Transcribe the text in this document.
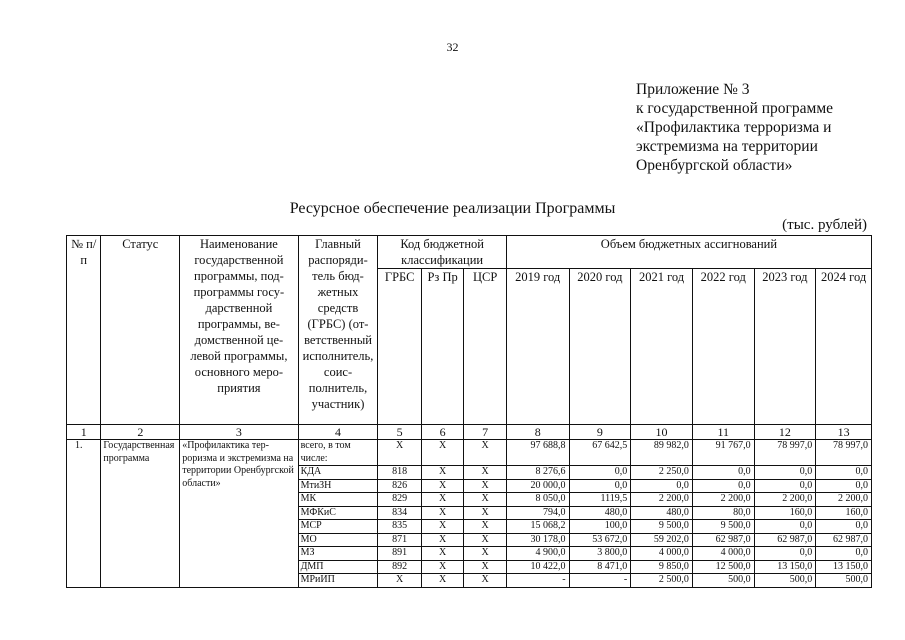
32
Приложение № 3
к государственной программе
«Профилактика терроризма и
экстремизма на территории
Оренбургской области»
Ресурсное обеспечение реализации Программы
(тыс. рублей)
№ п/п	Статус	Наименование государственной программы, подпрограммы государственной программы, ведомственной целевой программы, основного мероприятия	Главный распорядитель бюджетных средств (ГРБС) (ответственный исполнитель, соисполнитель, участник)	Код бюджетной классификации			Объем бюджетных ассигнований					
				ГРБС	Рз Пр	ЦСР	2019 год	2020 год	2021 год	2022 год	2023 год	2024 год
1	2	3	4	5	6	7	8	9	10	11	12	13
1.	Государственная программа	«Профилактика терроризма и экстремизма на территории Оренбургской области»	всего, в том числе:	Х	Х	Х	97 688,8	67 642,5	89 982,0	91 767,0	78 997,0	78 997,0
			КДА	818	Х	Х	8 276,6	0,0	2 250,0	0,0	0,0	0,0
			МтиЗН	826	Х	Х	20 000,0	0,0	0,0	0,0	0,0	0,0
			МК	829	Х	Х	8 050,0	1119,5	2 200,0	2 200,0	2 200,0	2 200,0
			МФКиС	834	Х	Х	794,0	480,0	480,0	80,0	160,0	160,0
			МСР	835	Х	Х	15 068,2	100,0	9 500,0	9 500,0	0,0	0,0
			МО	871	Х	Х	30 178,0	53 672,0	59 202,0	62 987,0	62 987,0	62 987,0
			МЗ	891	Х	Х	4 900,0	3 800,0	4 000,0	4 000,0	0,0	0,0
			ДМП	892	Х	Х	10 422,0	8 471,0	9 850,0	12 500,0	13 150,0	13 150,0
			МРиИП	Х	Х	Х	-	-	2 500,0	500,0	500,0	500,0
